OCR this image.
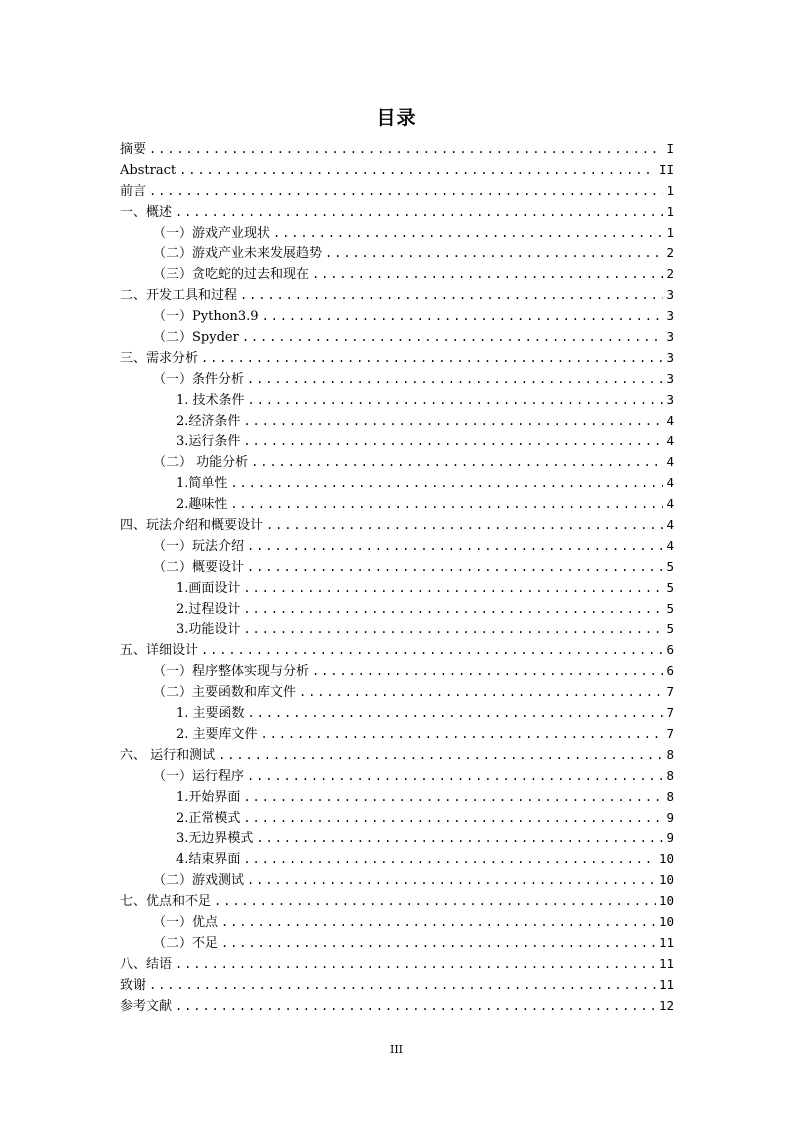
目录
摘要 .....	I
Abstract .....	II
前言 .....	1
一、概述 .....	1
（一）游戏产业现状 .....	1
（二）游戏产业未来发展趋势 .....	2
（三）贪吃蛇的过去和现在 .....	2
二、开发工具和过程 .....	3
（一）Python3.9 .....	3
（二）Spyder .....	3
三、需求分析 .....	3
（一）条件分析 .....	3
1. 技术条件 .....	3
2.经济条件 .....	4
3.运行条件 .....	4
（二） 功能分析 .....	4
1.简单性 .....	4
2.趣味性 .....	4
四、玩法介绍和概要设计 .....	4
（一）玩法介绍 .....	4
（二）概要设计 .....	5
1.画面设计 .....	5
2.过程设计 .....	5
3.功能设计 .....	5
五、详细设计 .....	6
（一）程序整体实现与分析 .....	6
（二）主要函数和库文件 .....	7
1. 主要函数 .....	7
2. 主要库文件 .....	7
六、 运行和测试 .....	8
（一）运行程序 .....	8
1.开始界面 .....	8
2.正常模式 .....	9
3.无边界模式 .....	9
4.结束界面 .....	10
（二）游戏测试 .....	10
七、优点和不足 .....	10
（一）优点 .....	10
（二）不足 .....	11
八、结语 .....	11
致谢 .....	11
参考文献 .....	12
III
